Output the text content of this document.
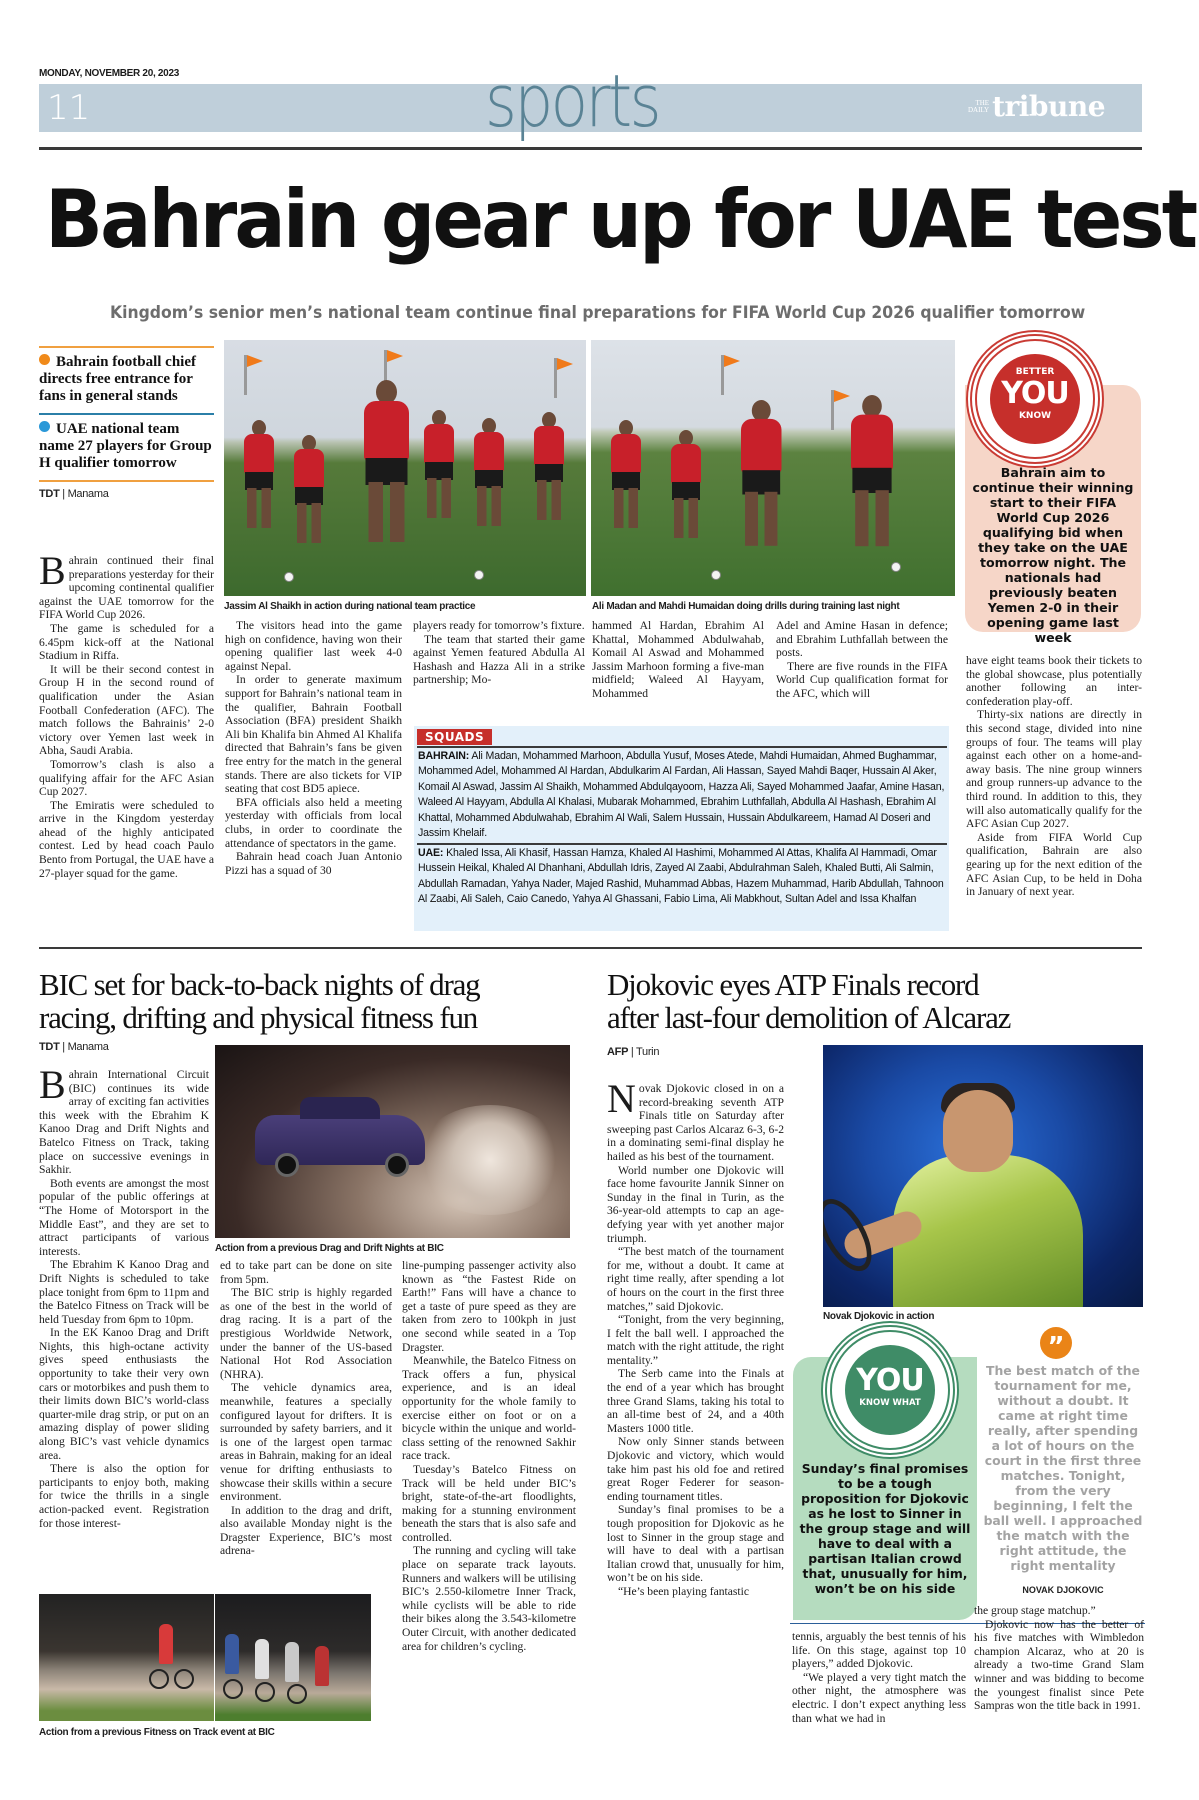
MONDAY, NOVEMBER 20, 2023
11	sports	THE
DAILY tribune
Bahrain gear up for UAE test
Kingdom’s senior men’s national team continue final preparations for FIFA World Cup 2026 qualifier tomorrow
Bahrain football chief directs free entrance for fans in general stands
UAE national team name 27 players for Group H qualifier tomorrow
TDT | Manama
Jassim Al Shaikh in action during national team practice	Ali Madan and Mahdi Humaidan doing drills during training last night
BETTER
YOU
KNOW
Bahrain aim to continue their winning start to their FIFA World Cup 2026 qualifying bid when they take on the UAE tomorrow night. The nationals had previously beaten Yemen 2-0 in their opening game last week

Bahrain continued their final preparations yesterday for their upcoming continental qualifier against the UAE tomorrow for the FIFA World Cup 2026.

The game is scheduled for a 6.45pm kick-off at the National Stadium in Riffa.

It will be their second contest in Group H in the second round of qualification under the Asian Football Confederation (AFC). The match follows the Bahrainis’ 2-0 victory over Yemen last week in Abha, Saudi Arabia.

Tomorrow’s clash is also a qualifying affair for the AFC Asian Cup 2027.

The Emiratis were scheduled to arrive in the Kingdom yesterday ahead of the highly anticipated contest. Led by head coach Paulo Bento from Portugal, the UAE have a 27-player squad for the game.

The visitors head into the game high on confidence, having won their opening qualifier last week 4-0 against Nepal.

In order to generate maximum support for Bahrain’s national team in the qualifier, Bahrain Football Association (BFA) president Shaikh Ali bin Khalifa bin Ahmed Al Khalifa directed that Bahrain’s fans be given free entry for the match in the general stands. There are also tickets for VIP seating that cost BD5 apiece.

BFA officials also held a meeting yesterday with officials from local clubs, in order to coordinate the attendance of spectators in the game.

Bahrain head coach Juan Antonio Pizzi has a squad of 30

players ready for tomorrow’s fixture.

The team that started their game against Yemen featured Abdulla Al Hashash and Hazza Ali in a strike partnership; Mo-

hammed Al Hardan, Ebrahim Al Khattal, Mohammed Abdulwahab, Komail Al Aswad and Mohammed Jassim Marhoon forming a five-man midfield; Waleed Al Hayyam, Mohammed

Adel and Amine Hasan in defence; and Ebrahim Luthfallah between the posts.

There are five rounds in the FIFA World Cup qualification format for the AFC, which will

have eight teams book their tickets to the global showcase, plus potentially another following an inter-confederation play-off.

Thirty-six nations are directly in this second stage, divided into nine groups of four. The teams will play against each other on a home-and-away basis. The nine group winners and group runners-up advance to the third round. In addition to this, they will also automatically qualify for the AFC Asian Cup 2027.

Aside from FIFA World Cup qualification, Bahrain are also gearing up for the next edition of the AFC Asian Cup, to be held in Doha in January of next year.

SQUADS
BAHRAIN: Ali Madan, Mohammed Marhoon, Abdulla Yusuf, Moses Atede, Mahdi Humaidan, Ahmed Bughammar, Mohammed Adel, Mohammed Al Hardan, Abdulkarim Al Fardan, Ali Hassan, Sayed Mahdi Baqer, Hussain Al Aker, Komail Al Aswad, Jassim Al Shaikh, Mohammed Abdulqayoom, Hazza Ali, Sayed Mohammed Jaafar, Amine Hasan, Waleed Al Hayyam, Abdulla Al Khalasi, Mubarak Mohammed, Ebrahim Luthfallah, Abdulla Al Hashash, Ebrahim Al Khattal, Mohammed Abdulwahab, Ebrahim Al Wali, Salem Hussain, Hussain Abdulkareem, Hamad Al Doseri and Jassim Khelaif.
UAE: Khaled Issa, Ali Khasif, Hassan Hamza, Khaled Al Hashimi, Mohammed Al Attas, Khalifa Al Hammadi, Omar Hussein Heikal, Khaled Al Dhanhani, Abdullah Idris, Zayed Al Zaabi, Abdulrahman Saleh, Khaled Butti, Ali Salmin, Abdullah Ramadan, Yahya Nader, Majed Rashid, Muhammad Abbas, Hazem Muhammad, Harib Abdullah, Tahnoon Al Zaabi, Ali Saleh, Caio Canedo, Yahya Al Ghassani, Fabio Lima, Ali Mabkhout, Sultan Adel and Issa Khalfan
BIC set for back-to-back nights of drag
racing, drifting and physical fitness fun
TDT | Manama
Action from a previous Drag and Drift Nights at BIC

Bahrain International Circuit (BIC) continues its wide array of exciting fan activities this week with the Ebrahim K Kanoo Drag and Drift Nights and Batelco Fitness on Track, taking place on successive evenings in Sakhir.

Both events are amongst the most popular of the public offerings at “The Home of Motorsport in the Middle East”, and they are set to attract participants of various interests.

The Ebrahim K Kanoo Drag and Drift Nights is scheduled to take place tonight from 6pm to 11pm and the Batelco Fitness on Track will be held Tuesday from 6pm to 10pm.

In the EK Kanoo Drag and Drift Nights, this high-octane activity gives speed enthusiasts the opportunity to take their very own cars or motorbikes and push them to their limits down BIC’s world-class quarter-mile drag strip, or put on an amazing display of power sliding along BIC’s vast vehicle dynamics area.

There is also the option for participants to enjoy both, making for twice the thrills in a single action-packed event. Registration for those interest-

ed to take part can be done on site from 5pm.

The BIC strip is highly regarded as one of the best in the world of drag racing. It is a part of the prestigious Worldwide Network, under the banner of the US-based National Hot Rod Association (NHRA).

The vehicle dynamics area, meanwhile, features a specially configured layout for drifters. It is surrounded by safety barriers, and it is one of the largest open tarmac areas in Bahrain, making for an ideal venue for drifting enthusiasts to showcase their skills within a secure environment.

In addition to the drag and drift, also available Monday night is the Dragster Experience, BIC’s most adrena-

line-pumping passenger activity also known as “the Fastest Ride on Earth!” Fans will have a chance to get a taste of pure speed as they are taken from zero to 100kph in just one second while seated in a Top Dragster.

Meanwhile, the Batelco Fitness on Track offers a fun, physical experience, and is an ideal opportunity for the whole family to exercise either on foot or on a bicycle within the unique and world-class setting of the renowned Sakhir race track.

Tuesday’s Batelco Fitness on Track will be held under BIC’s bright, state-of-the-art floodlights, making for a stunning environment beneath the stars that is also safe and controlled.

The running and cycling will take place on separate track layouts. Runners and walkers will be utilising BIC’s 2.550-kilometre Inner Track, while cyclists will be able to ride their bikes along the 3.543-kilometre Outer Circuit, with another dedicated area for children’s cycling.

Action from a previous Fitness on Track event at BIC
Djokovic eyes ATP Finals record
after last-four demolition of Alcaraz
AFP | Turin
Novak Djokovic in action

Novak Djokovic closed in on a record-breaking seventh ATP Finals title on Saturday after sweeping past Carlos Alcaraz 6-3, 6-2 in a dominating semi-final display he hailed as his best of the tournament.

World number one Djokovic will face home favourite Jannik Sinner on Sunday in the final in Turin, as the 36-year-old attempts to cap an age-defying year with yet another major triumph.

“The best match of the tournament for me, without a doubt. It came at right time really, after spending a lot of hours on the court in the first three matches,” said Djokovic.

“Tonight, from the very beginning, I felt the ball well. I approached the match with the right attitude, the right mentality.”

The Serb came into the Finals at the end of a year which has brought three Grand Slams, taking his total to an all-time best of 24, and a 40th Masters 1000 title.

Now only Sinner stands between Djokovic and victory, which would take him past his old foe and retired great Roger Federer for season-ending tournament titles.

Sunday’s final promises to be a tough proposition for Djokovic as he lost to Sinner in the group stage and will have to deal with a partisan Italian crowd that, unusually for him, won’t be on his side.

“He’s been playing fantastic

YOU
KNOW WHAT
Sunday’s final promises to be a tough proposition for Djokovic as he lost to Sinner in the group stage and will have to deal with a partisan Italian crowd that, unusually for him, won’t be on his side
”
The best match of the tournament for me, without a doubt. It came at right time really, after spending a lot of hours on the court in the first three matches. Tonight, from the very beginning, I felt the ball well. I approached the match with the right attitude, the right mentality
NOVAK DJOKOVIC

tennis, arguably the best tennis of his life. On this stage, against top 10 players,” added Djokovic.

“We played a very tight match the other night, the atmosphere was electric. I don’t expect anything less than what we had in

the group stage matchup.”

Djokovic now has the better of his five matches with Wimbledon champion Alcaraz, who at 20 is already a two-time Grand Slam winner and was bidding to become the youngest finalist since Pete Sampras won the title back in 1991.
